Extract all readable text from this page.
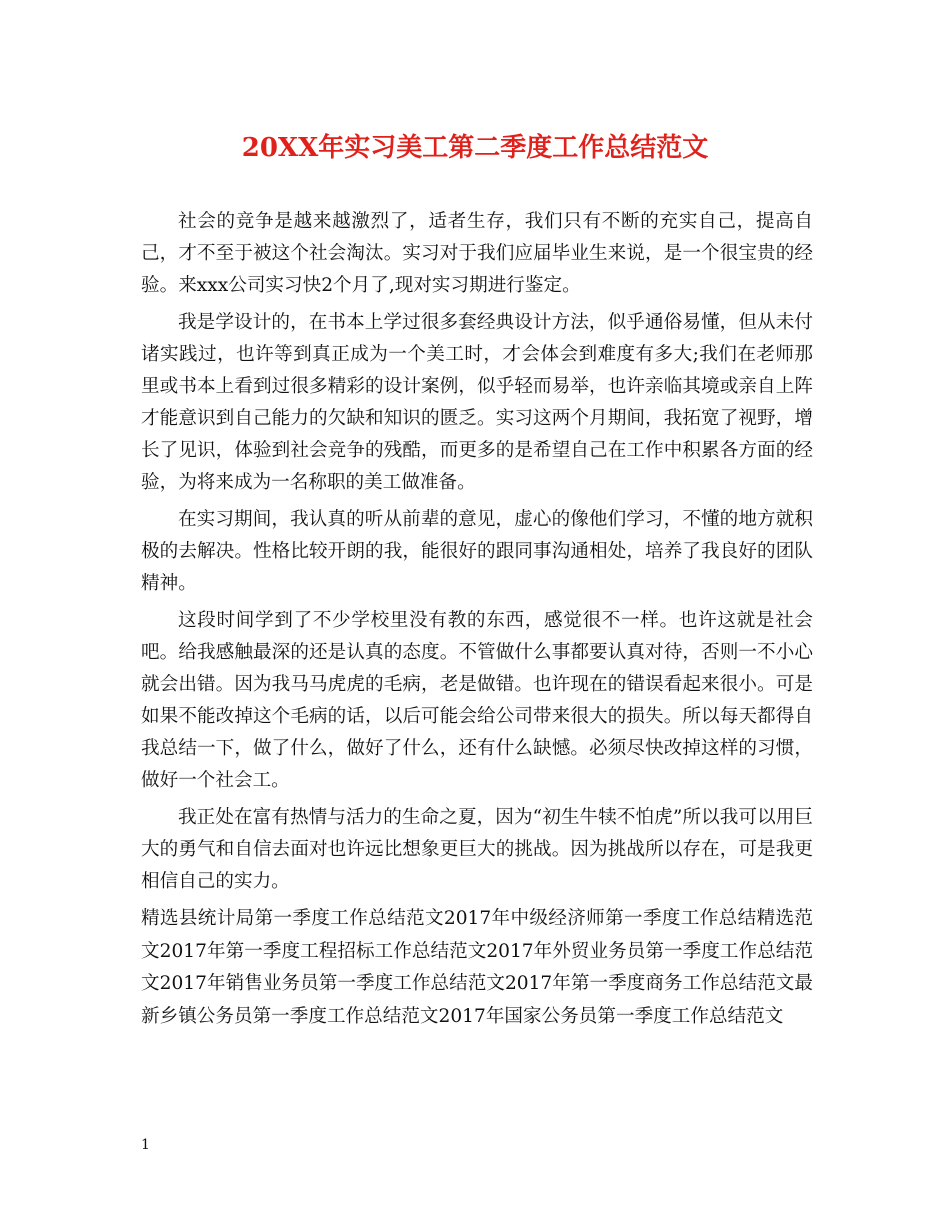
20XX年实习美工第二季度工作总结范文

社会的竞争是越来越激烈了，适者生存，我们只有不断的充实自己，提高自己，才不至于被这个社会淘汰。实习对于我们应届毕业生来说，是一个很宝贵的经验。来xxx公司实习快2个月了,现对实习期进行鉴定。

我是学设计的，在书本上学过很多套经典设计方法，似乎通俗易懂，但从未付诸实践过，也许等到真正成为一个美工时，才会体会到难度有多大;我们在老师那里或书本上看到过很多精彩的设计案例，似乎轻而易举，也许亲临其境或亲自上阵才能意识到自己能力的欠缺和知识的匮乏。实习这两个月期间，我拓宽了视野，增长了见识，体验到社会竞争的残酷，而更多的是希望自己在工作中积累各方面的经验，为将来成为一名称职的美工做准备。

在实习期间，我认真的听从前辈的意见，虚心的像他们学习，不懂的地方就积极的去解决。性格比较开朗的我，能很好的跟同事沟通相处，培养了我良好的团队精神。

这段时间学到了不少学校里没有教的东西，感觉很不一样。也许这就是社会吧。给我感触最深的还是认真的态度。不管做什么事都要认真对待，否则一不小心就会出错。因为我马马虎虎的毛病，老是做错。也许现在的错误看起来很小。可是如果不能改掉这个毛病的话，以后可能会给公司带来很大的损失。所以每天都得自我总结一下，做了什么，做好了什么，还有什么缺憾。必须尽快改掉这样的习惯，做好一个社会工。

我正处在富有热情与活力的生命之夏，因为“初生牛犊不怕虎”所以我可以用巨大的勇气和自信去面对也许远比想象更巨大的挑战。因为挑战所以存在，可是我更相信自己的实力。

精选县统计局第一季度工作总结范文2017年中级经济师第一季度工作总结精选范文2017年第一季度工程招标工作总结范文2017年外贸业务员第一季度工作总结范文2017年销售业务员第一季度工作总结范文2017年第一季度商务工作总结范文最新乡镇公务员第一季度工作总结范文2017年国家公务员第一季度工作总结范文

1
